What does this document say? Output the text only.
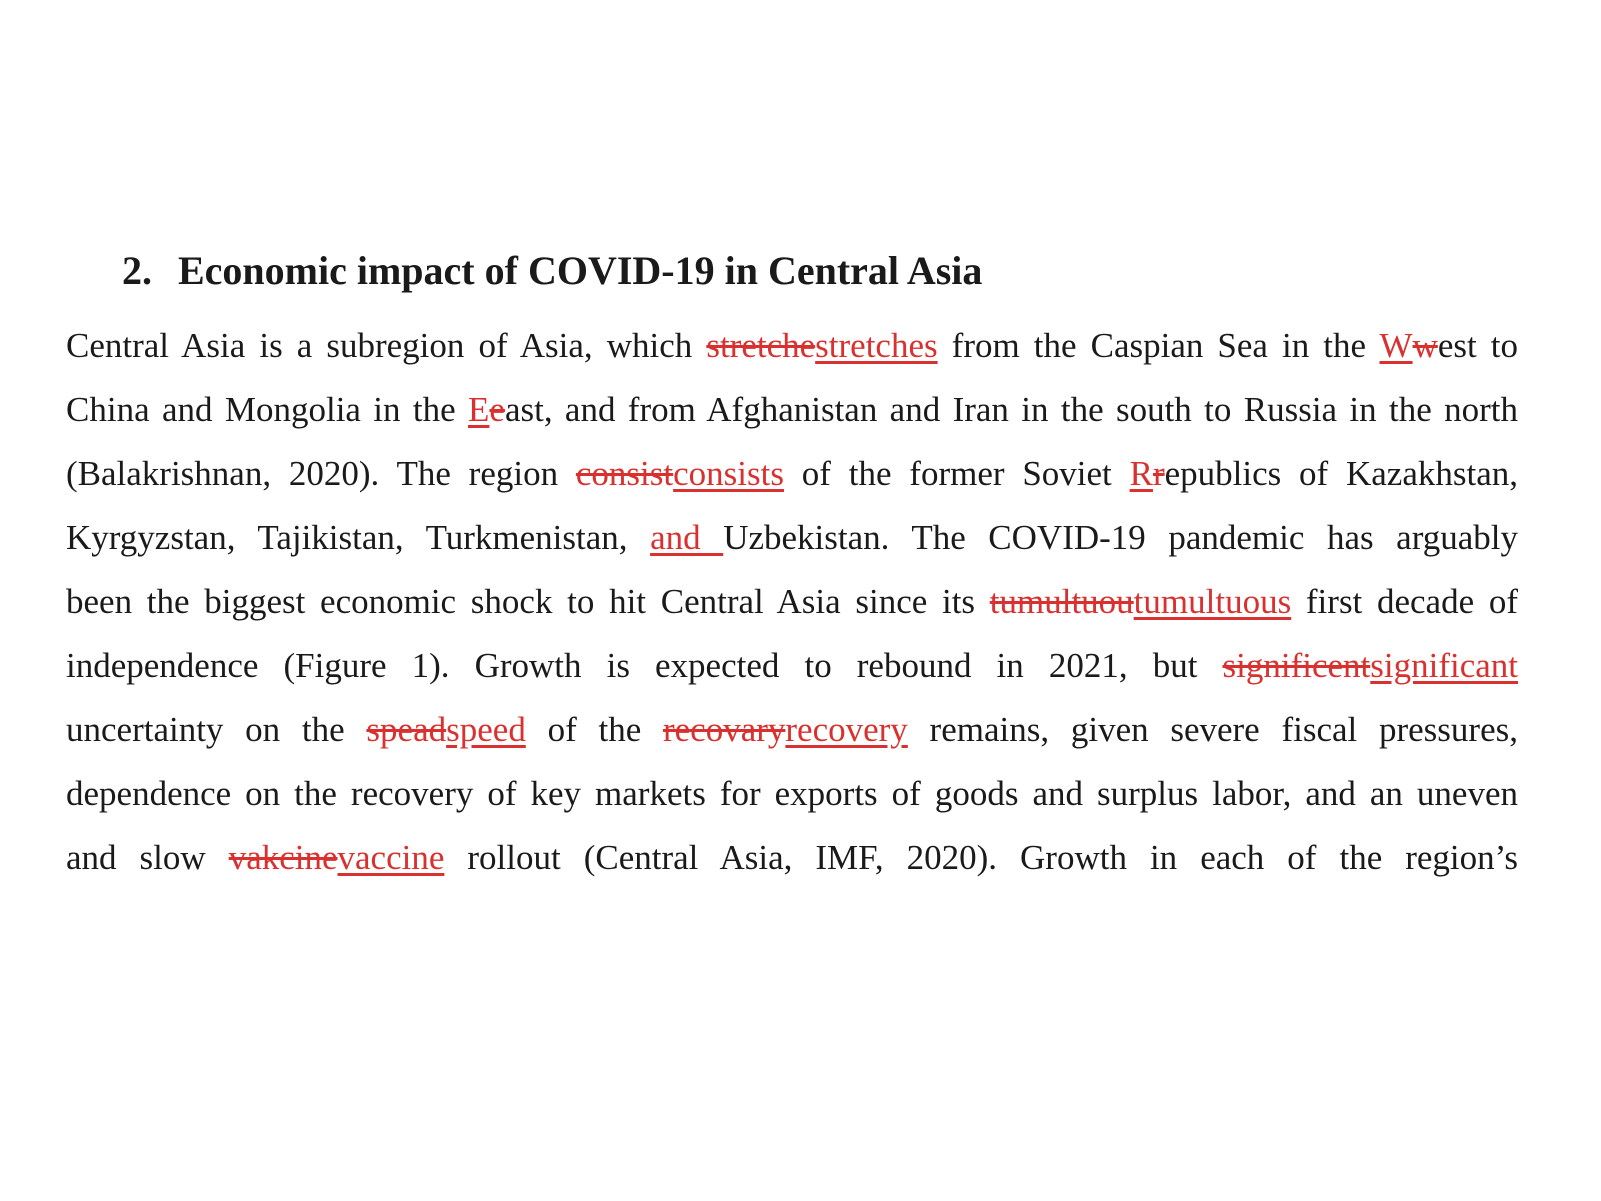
2. Economic impact of COVID-19 in Central Asia
Central Asia is a subregion of Asia, which stretchestretches from the Caspian Sea in the Wwest to
China and Mongolia in the Eeast, and from Afghanistan and Iran in the south to Russia in the north
(Balakrishnan, 2020). The region consistconsists of the former Soviet Rrepublics of Kazakhstan,
Kyrgyzstan, Tajikistan, Turkmenistan, and Uzbekistan. The COVID-19 pandemic has arguably
been the biggest economic shock to hit Central Asia since its tumultuoutumultuous first decade of
independence (Figure 1). Growth is expected to rebound in 2021, but significentsignificant
uncertainty on the speadspeed of the recovaryrecovery remains, given severe fiscal pressures,
dependence on the recovery of key markets for exports of goods and surplus labor, and an uneven
and slow vakcinevaccine rollout (Central Asia, IMF, 2020). Growth in each of the region’s
